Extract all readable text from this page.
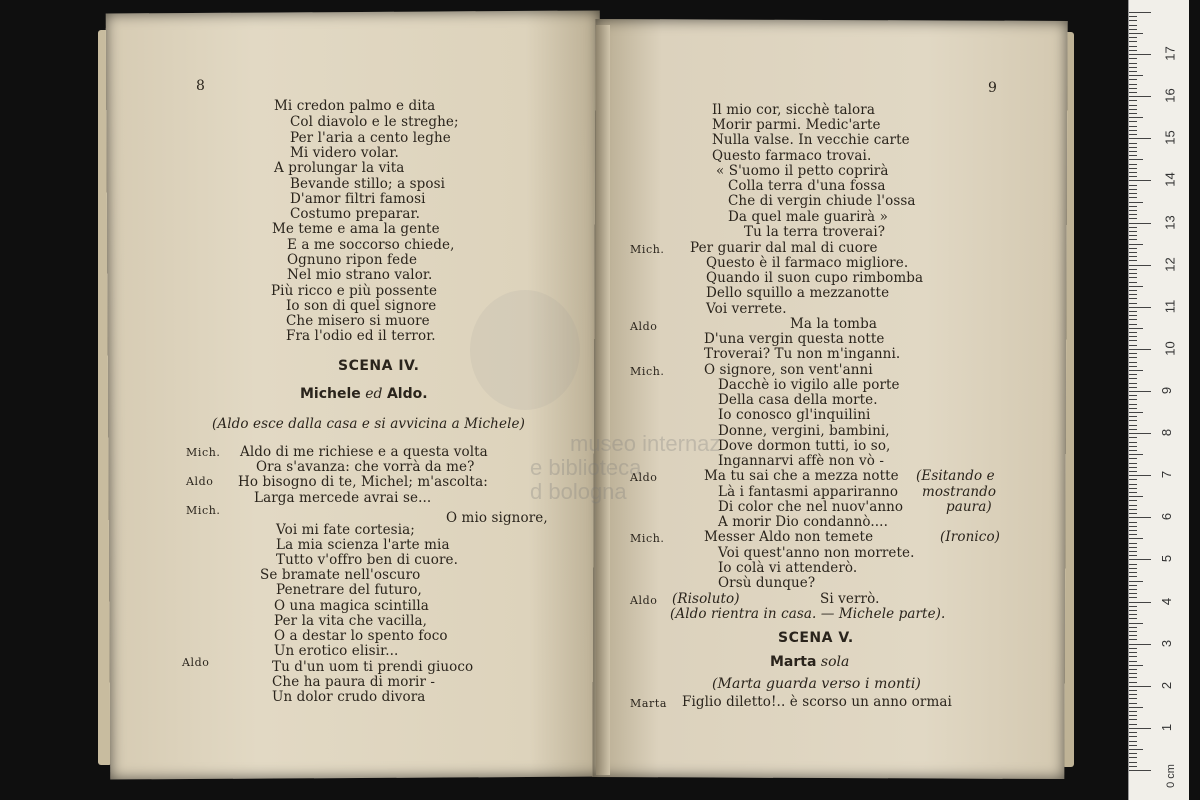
museo internaz
e biblioteca
d bologna
8
Mi credon palmo e dita
Col diavolo e le streghe;
Per l'aria a cento leghe
Mi videro volar.
A prolungar la vita
Bevande stillo; a sposi
D'amor filtri famosi
Costumo preparar.
Me teme e ama la gente
E a me soccorso chiede,
Ognuno ripon fede
Nel mio strano valor.
Più ricco e più possente
Io son di quel signore
Che misero si muore
Fra l'odio ed il terror.
SCENA IV.
Michele ed Aldo.
(Aldo esce dalla casa e si avvicina a Michele)
Mich.
Aldo
Mich.
Aldo
Aldo di me richiese e a questa volta
Ora s'avanza: che vorrà da me?
Ho bisogno di te, Michel; m'ascolta:
Larga mercede avrai se...
O mio signore,
Voi mi fate cortesia;
La mia scienza l'arte mia
Tutto v'offro ben di cuore.
Se bramate nell'oscuro
Penetrare del futuro,
O una magica scintilla
Per la vita che vacilla,
O a destar lo spento foco
Un erotico elisir...
Tu d'un uom ti prendi giuoco
Che ha paura di morir -
Un dolor crudo divora
9
Il mio cor, sicchè talora
Morir parmi. Medic'arte
Nulla valse. In vecchie carte
Questo farmaco trovai.
« S'uomo il petto coprirà
Colla terra d'una fossa
Che di vergin chiude l'ossa
Da quel male guarirà »
Tu la terra troverai?
Per guarir dal mal di cuore
Questo è il farmaco migliore.
Quando il suon cupo rimbomba
Dello squillo a mezzanotte
Voi verrete.
Ma la tomba
D'una vergin questa notte
Troverai? Tu non m'inganni.
O signore, son vent'anni
Dacchè io vigilo alle porte
Della casa della morte.
Io conosco gl'inquilini
Donne, vergini, bambini,
Dove dormon tutti, io so,
Ingannarvi affè non vò -
Ma tu sai che a mezza notte
Là i fantasmi appariranno
Di color che nel nuov'anno
A morir Dio condannò....
Messer Aldo non temete
Voi quest'anno non morrete.
Io colà vi attenderò.
Orsù dunque?
Si verrò.
(Aldo rientra in casa. — Michele parte).
(Esitando e
mostrando
paura)
(Ironico)
(Risoluto)
Mich.
Aldo
Mich.
Aldo
Mich.
Aldo
SCENA V.
Marta sola
(Marta guarda verso i monti)
Marta Figlio diletto!.. è scorso un anno ormai
0 cm
1
2
3
4
5
6
7
8
9
10
11
12
13
14
15
16
17
